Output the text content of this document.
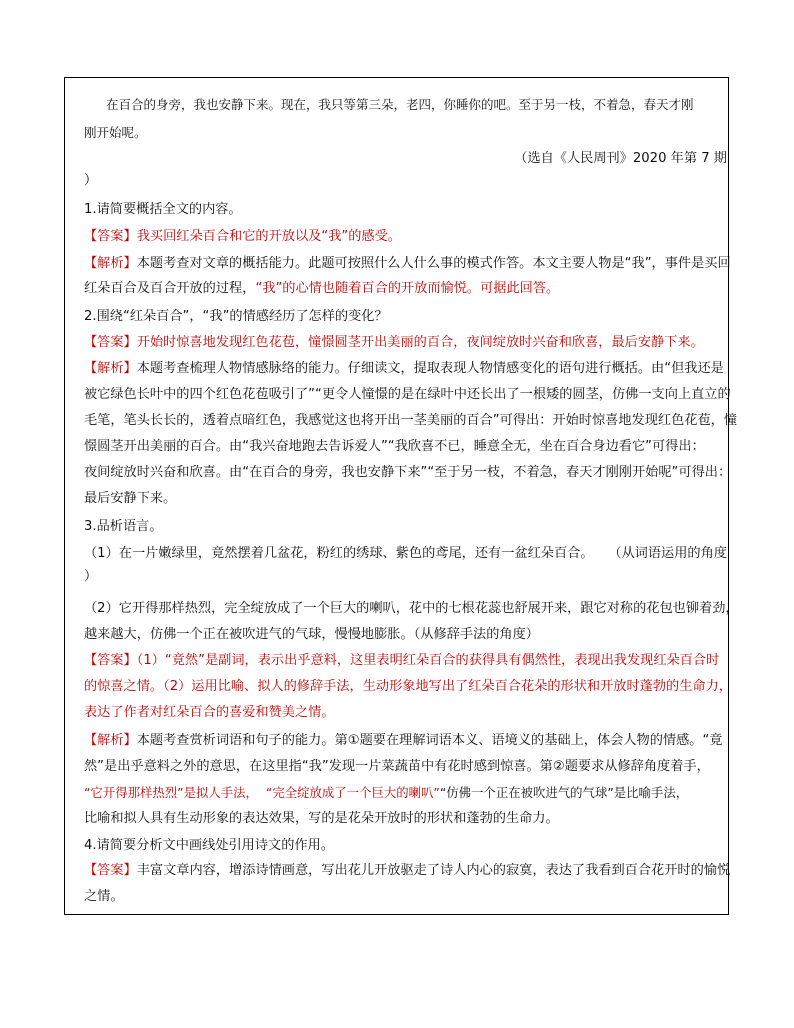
在百合的身旁，我也安静下来。现在，我只等第三朵，老四，你睡你的吧。至于另一枝，不着急，春天才刚
刚开始呢。
（选自《人民周刊》2020 年第 7 期
）
1.请简要概括全文的内容。
【答案】我买回红朵百合和它的开放以及“我”的感受。
【解析】本题考查对文章的概括能力。此题可按照什么人什么事的模式作答。本文主要人物是“我”，事件是买回
红朵百合及百合开放的过程，“我”的心情也随着百合的开放而愉悦。可据此回答。
2.围绕“红朵百合”，“我”的情感经历了怎样的变化？
【答案】开始时惊喜地发现红色花苞，憧憬圆茎开出美丽的百合，夜间绽放时兴奋和欣喜，最后安静下来。
【解析】本题考查梳理人物情感脉络的能力。仔细读文，提取表现人物情感变化的语句进行概括。由“但我还是
被它绿色长叶中的四个红色花苞吸引了”“更令人憧憬的是在绿叶中还长出了一根矮的圆茎，仿佛一支向上直立的
毛笔，笔头长长的，透着点暗红色，我感觉这也将开出一茎美丽的百合”可得出：开始时惊喜地发现红色花苞，憧
憬圆茎开出美丽的百合。由“我兴奋地跑去告诉爱人”“我欣喜不已，睡意全无，坐在百合身边看它”可得出：
夜间绽放时兴奋和欣喜。由“在百合的身旁，我也安静下来”“至于另一枝，不着急，春天才刚刚开始呢”可得出：
最后安静下来。
3.品析语言。
（1）在一片嫩绿里，竟然摆着几盆花，粉红的绣球、紫色的鸢尾，还有一盆红朵百合。 （从词语运用的角度
）
（2）它开得那样热烈，完全绽放成了一个巨大的喇叭，花中的七根花蕊也舒展开来，跟它对称的花包也铆着劲，
越来越大，仿佛一个正在被吹进气的气球，慢慢地膨胀。（从修辞手法的角度）
【答案】（1）“竟然”是副词，表示出乎意料，这里表明红朵百合的获得具有偶然性，表现出我发现红朵百合时
的惊喜之情。（2）运用比喻、拟人的修辞手法，生动形象地写出了红朵百合花朵的形状和开放时蓬勃的生命力，
表达了作者对红朵百合的喜爱和赞美之情。
【解析】本题考查赏析词语和句子的能力。第①题要在理解词语本义、语境义的基础上，体会人物的情感。“竟
然”是出乎意料之外的意思，在这里指“我”发现一片菜蔬苗中有花时感到惊喜。第②题要求从修辞角度着手，
“它开得那样热烈”是拟人手法， “完全绽放成了一个巨大的喇叭”“仿佛一个正在被吹进气的气球”是比喻手法，
比喻和拟人具有生动形象的表达效果，写的是花朵开放时的形状和蓬勃的生命力。
4.请简要分析文中画线处引用诗文的作用。
【答案】丰富文章内容，增添诗情画意，写出花儿开放驱走了诗人内心的寂寞，表达了我看到百合花开时的愉悦
之情。
